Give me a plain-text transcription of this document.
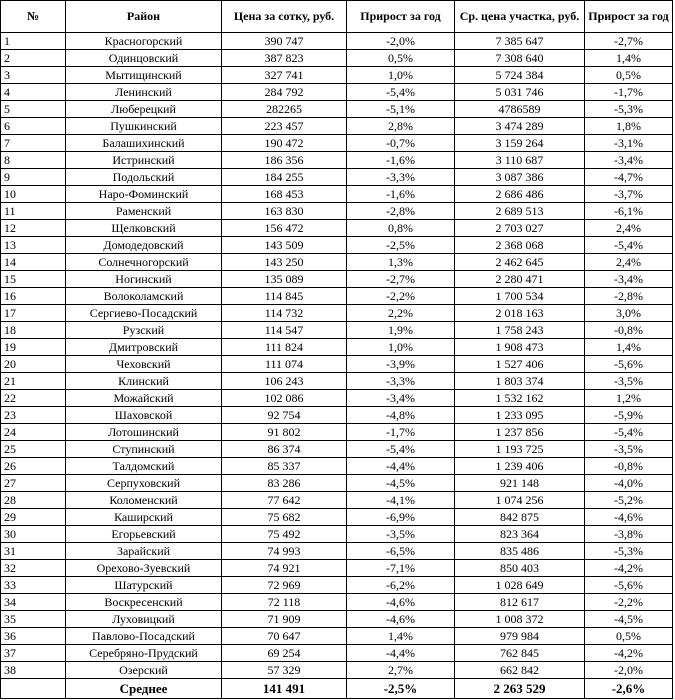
№	Район	Цена за сотку, руб.	Прирост за год	Ср. цена участка, руб.	Прирост за год
1	Красногорский	390 747	-2,0%	7 385 647	-2,7%
2	Одинцовский	387 823	0,5%	7 308 640	1,4%
3	Мытищинский	327 741	1,0%	5 724 384	0,5%
4	Ленинский	284 792	-5,4%	5 031 746	-1,7%
5	Люберецкий	282265	-5,1%	4786589	-5,3%
6	Пушкинский	223 457	2,8%	3 474 289	1,8%
7	Балашихинский	190 472	-0,7%	3 159 264	-3,1%
8	Истринский	186 356	-1,6%	3 110 687	-3,4%
9	Подольский	184 255	-3,3%	3 087 386	-4,7%
10	Наро-Фоминский	168 453	-1,6%	2 686 486	-3,7%
11	Раменский	163 830	-2,8%	2 689 513	-6,1%
12	Щелковский	156 472	0,8%	2 703 027	2,4%
13	Домодедовский	143 509	-2,5%	2 368 068	-5,4%
14	Солнечногорский	143 250	1,3%	2 462 645	2,4%
15	Ногинский	135 089	-2,7%	2 280 471	-3,4%
16	Волоколамский	114 845	-2,2%	1 700 534	-2,8%
17	Сергиево-Посадский	114 732	2,2%	2 018 163	3,0%
18	Рузский	114 547	1,9%	1 758 243	-0,8%
19	Дмитровский	111 824	1,0%	1 908 473	1,4%
20	Чеховский	111 074	-3,9%	1 527 406	-5,6%
21	Клинский	106 243	-3,3%	1 803 374	-3,5%
22	Можайский	102 086	-3,4%	1 532 162	1,2%
23	Шаховской	92 754	-4,8%	1 233 095	-5,9%
24	Лотошинский	91 802	-1,7%	1 237 856	-5,4%
25	Ступинский	86 374	-5,4%	1 193 725	-3,5%
26	Талдомский	85 337	-4,4%	1 239 406	-0,8%
27	Серпуховский	83 286	-4,5%	921 148	-4,0%
28	Коломенский	77 642	-4,1%	1 074 256	-5,2%
29	Каширский	75 682	-6,9%	842 875	-4,6%
30	Егорьевский	75 492	-3,5%	823 364	-3,8%
31	Зарайский	74 993	-6,5%	835 486	-5,3%
32	Орехово-Зуевский	74 921	-7,1%	850 403	-4,2%
33	Шатурский	72 969	-6,2%	1 028 649	-5,6%
34	Воскресенский	72 118	-4,6%	812 617	-2,2%
35	Луховицкий	71 909	-4,6%	1 008 372	-4,5%
36	Павлово-Посадский	70 647	1,4%	979 984	0,5%
37	Серебряно-Прудский	69 254	-4,4%	762 845	-4,2%
38	Озерский	57 329	2,7%	662 842	-2,0%
	Среднее	141 491	-2,5%	2 263 529	-2,6%
